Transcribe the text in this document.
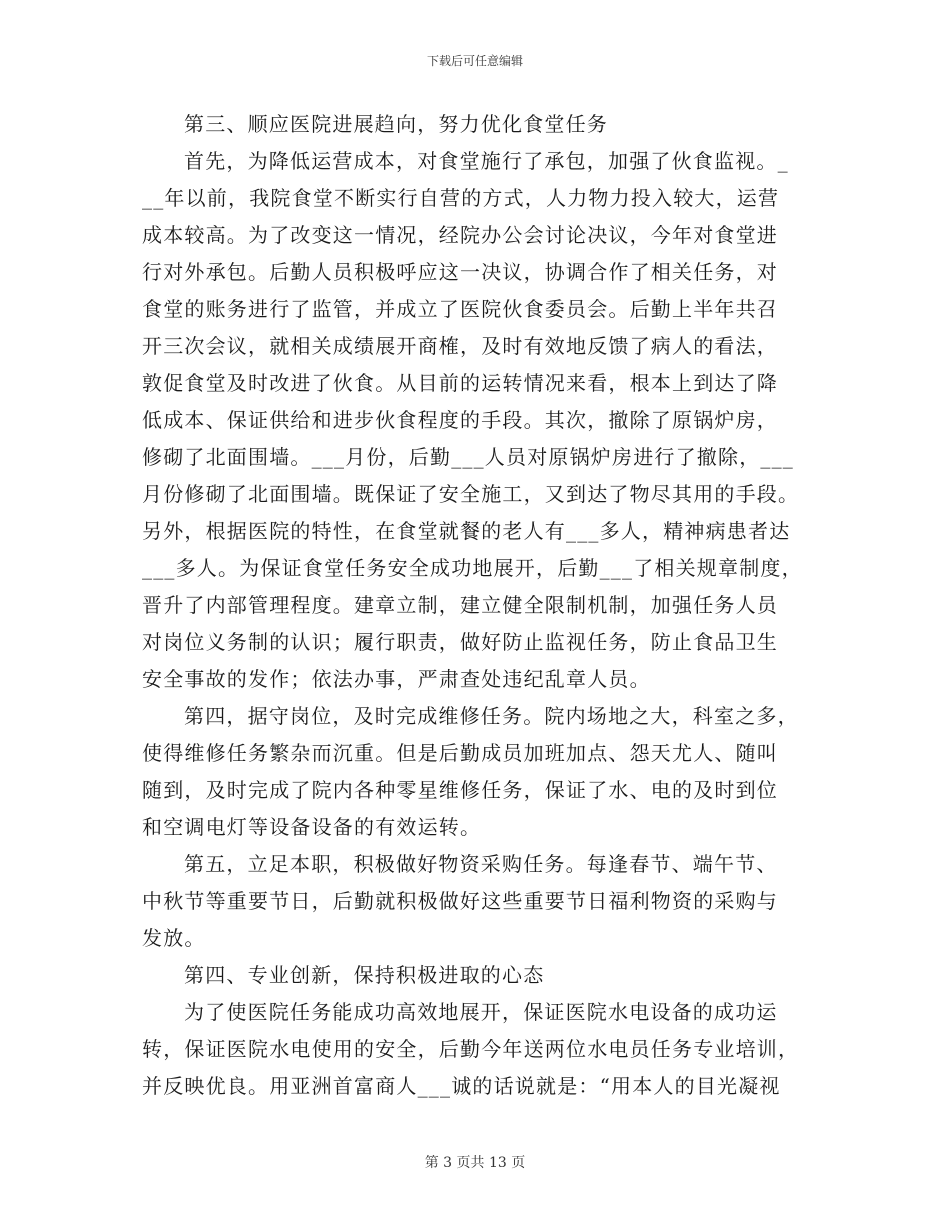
下载后可任意编辑
第三、顺应医院进展趋向，努力优化食堂任务
首先，为降低运营成本，对食堂施行了承包，加强了伙食监视。_
__年以前，我院食堂不断实行自营的方式，人力物力投入较大，运营
成本较高。为了改变这一情况，经院办公会讨论决议，今年对食堂进
行对外承包。后勤人员积极呼应这一决议，协调合作了相关任务，对
食堂的账务进行了监管，并成立了医院伙食委员会。后勤上半年共召
开三次会议，就相关成绩展开商榷，及时有效地反馈了病人的看法，
敦促食堂及时改进了伙食。从目前的运转情况来看，根本上到达了降
低成本、保证供给和进步伙食程度的手段。其次，撤除了原锅炉房，
修砌了北面围墙。___月份，后勤___人员对原锅炉房进行了撤除，___
月份修砌了北面围墙。既保证了安全施工，又到达了物尽其用的手段。
另外，根据医院的特性，在食堂就餐的老人有___多人，精神病患者达
___多人。为保证食堂任务安全成功地展开，后勤___了相关规章制度，
晋升了内部管理程度。建章立制，建立健全限制机制，加强任务人员
对岗位义务制的认识；履行职责，做好防止监视任务，防止食品卫生
安全事故的发作；依法办事，严肃查处违纪乱章人员。
第四，据守岗位，及时完成维修任务。院内场地之大，科室之多，
使得维修任务繁杂而沉重。但是后勤成员加班加点、怨天尤人、随叫
随到，及时完成了院内各种零星维修任务，保证了水、电的及时到位
和空调电灯等设备设备的有效运转。
第五，立足本职，积极做好物资采购任务。每逢春节、端午节、
中秋节等重要节日，后勤就积极做好这些重要节日福利物资的采购与
发放。
第四、专业创新，保持积极进取的心态
为了使医院任务能成功高效地展开，保证医院水电设备的成功运
转，保证医院水电使用的安全，后勤今年送两位水电员任务专业培训，
并反映优良。用亚洲首富商人___诚的话说就是：“用本人的目光凝视
第 3 页共 13 页
